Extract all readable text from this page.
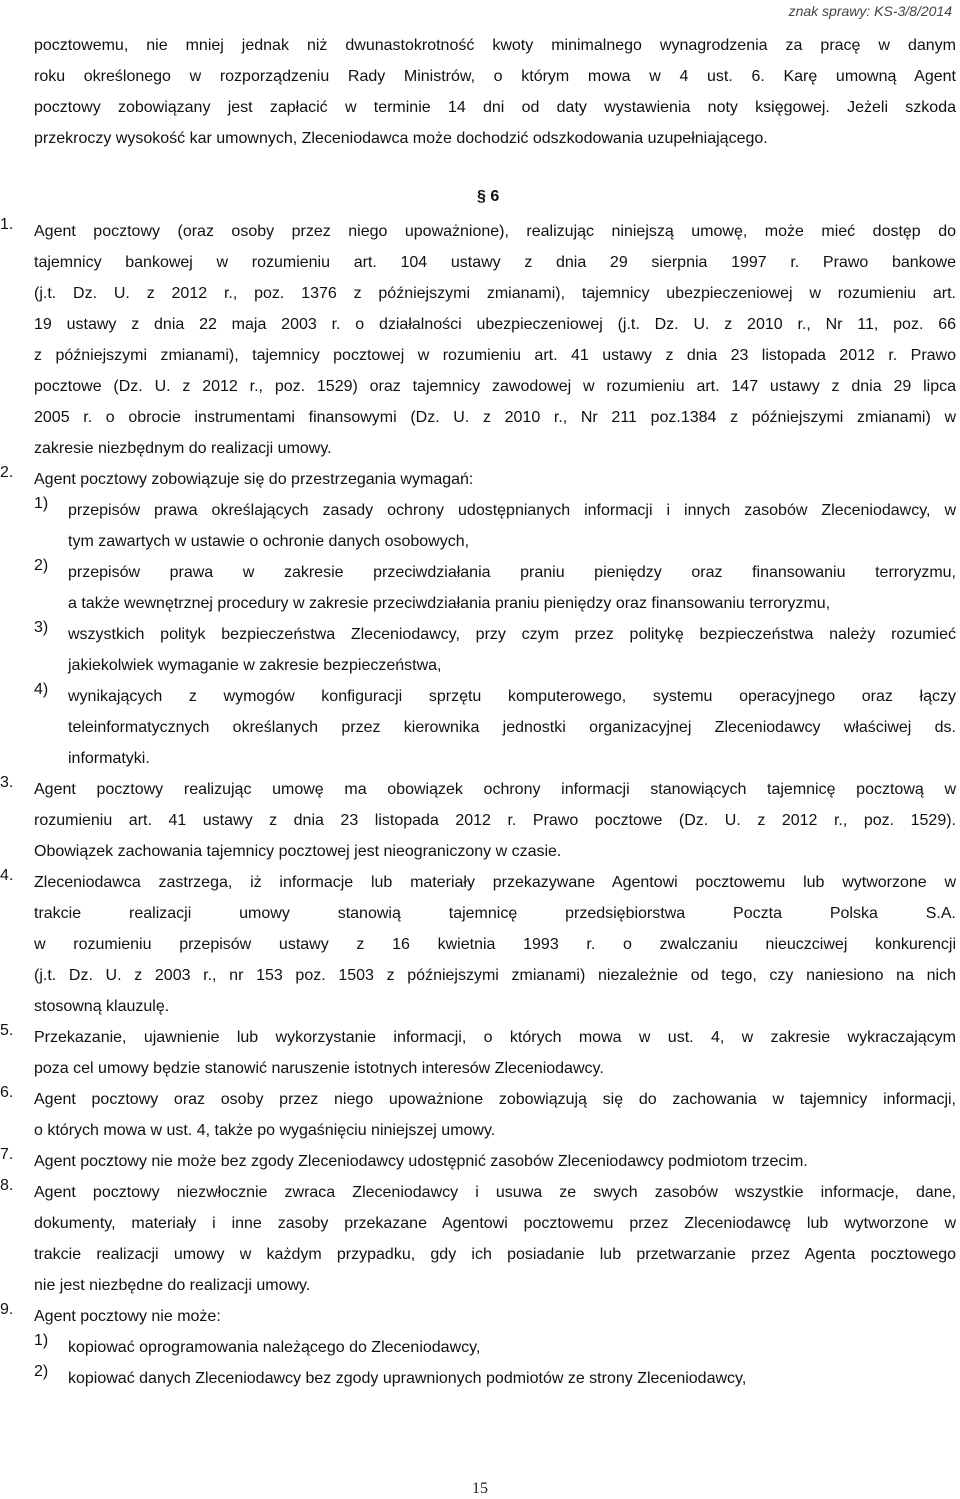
znak sprawy: KS-3/8/2014
§ 6
pocztowemu, nie mniej jednak niż dwunastokrotność kwoty minimalnego wynagrodzenia za pracę w danym
roku określonego w rozporządzeniu Rady Ministrów, o którym mowa w 4 ust. 6. Karę umowną Agent
pocztowy zobowiązany jest zapłacić w terminie 14 dni od daty wystawienia noty księgowej. Jeżeli szkoda
przekroczy wysokość kar umownych, Zleceniodawca może dochodzić odszkodowania uzupełniającego.
1. Agent pocztowy (oraz osoby przez niego upoważnione), realizując niniejszą umowę, może mieć dostęp do
tajemnicy bankowej w rozumieniu art. 104 ustawy z dnia 29 sierpnia 1997 r. Prawo bankowe
(j.t. Dz. U. z 2012 r., poz. 1376 z późniejszymi zmianami), tajemnicy ubezpieczeniowej w rozumieniu art.
19 ustawy z dnia 22 maja 2003 r. o działalności ubezpieczeniowej (j.t. Dz. U. z 2010 r., Nr 11, poz. 66
z późniejszymi zmianami), tajemnicy pocztowej w rozumieniu art. 41 ustawy z dnia 23 listopada 2012 r. Prawo
pocztowe (Dz. U. z 2012 r., poz. 1529) oraz tajemnicy zawodowej w rozumieniu art. 147 ustawy z dnia 29 lipca
2005 r. o obrocie instrumentami finansowymi (Dz. U. z 2010 r., Nr 211 poz.1384 z późniejszymi zmianami) w
zakresie niezbędnym do realizacji umowy.
2. Agent pocztowy zobowiązuje się do przestrzegania wymagań:
1) przepisów prawa określających zasady ochrony udostępnianych informacji i innych zasobów Zleceniodawcy, w
tym zawartych w ustawie o ochronie danych osobowych,
2) przepisów prawa w zakresie przeciwdziałania praniu pieniędzy oraz finansowaniu terroryzmu,
a także wewnętrznej procedury w zakresie przeciwdziałania praniu pieniędzy oraz finansowaniu terroryzmu,
3) wszystkich polityk bezpieczeństwa Zleceniodawcy, przy czym przez politykę bezpieczeństwa należy rozumieć
jakiekolwiek wymaganie w zakresie bezpieczeństwa,
4) wynikających z wymogów konfiguracji sprzętu komputerowego, systemu operacyjnego oraz łączy
teleinformatycznych określanych przez kierownika jednostki organizacyjnej Zleceniodawcy właściwej ds.
informatyki.
3. Agent pocztowy realizując umowę ma obowiązek ochrony informacji stanowiących tajemnicę pocztową w
rozumieniu art. 41 ustawy z dnia 23 listopada 2012 r. Prawo pocztowe (Dz. U. z 2012 r., poz. 1529).
Obowiązek zachowania tajemnicy pocztowej jest nieograniczony w czasie.
4. Zleceniodawca zastrzega, iż informacje lub materiały przekazywane Agentowi pocztowemu lub wytworzone w
trakcie realizacji umowy stanowią tajemnicę przedsiębiorstwa Poczta Polska S.A.
w rozumieniu przepisów ustawy z 16 kwietnia 1993 r. o zwalczaniu nieuczciwej konkurencji
(j.t. Dz. U. z 2003 r., nr 153 poz. 1503 z późniejszymi zmianami) niezależnie od tego, czy naniesiono na nich
stosowną klauzulę.
5. Przekazanie, ujawnienie lub wykorzystanie informacji, o których mowa w ust. 4, w zakresie wykraczającym
poza cel umowy będzie stanowić naruszenie istotnych interesów Zleceniodawcy.
6. Agent pocztowy oraz osoby przez niego upoważnione zobowiązują się do zachowania w tajemnicy informacji,
o których mowa w ust. 4, także po wygaśnięciu niniejszej umowy.
7. Agent pocztowy nie może bez zgody Zleceniodawcy udostępnić zasobów Zleceniodawcy podmiotom trzecim.
8. Agent pocztowy niezwłocznie zwraca Zleceniodawcy i usuwa ze swych zasobów wszystkie informacje, dane,
dokumenty, materiały i inne zasoby przekazane Agentowi pocztowemu przez Zleceniodawcę lub wytworzone w
trakcie realizacji umowy w każdym przypadku, gdy ich posiadanie lub przetwarzanie przez Agenta pocztowego
nie jest niezbędne do realizacji umowy.
9. Agent pocztowy nie może:
1) kopiować oprogramowania należącego do Zleceniodawcy,
2) kopiować danych Zleceniodawcy bez zgody uprawnionych podmiotów ze strony Zleceniodawcy,
15
